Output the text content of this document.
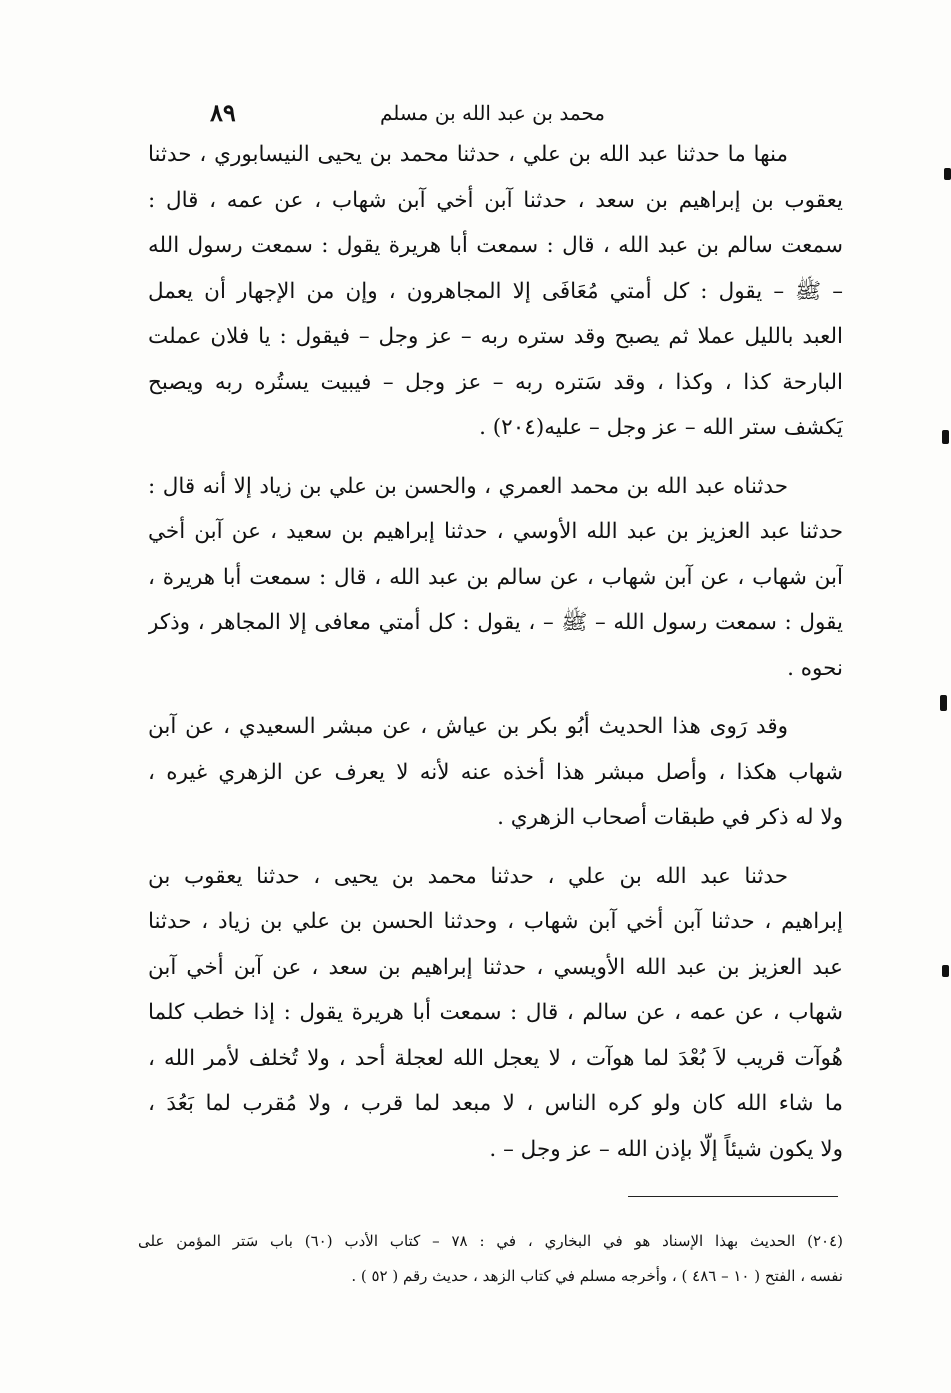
محمد بن عبد الله بن مسلم
٨٩

منها ما حدثنا عبد الله بن علي ، حدثنا محمد بن يحيى النيسابوري ، حدثنا
يعقوب بن إبراهيم بن سعد ، حدثنا آبن أخي آبن شهاب ، عن عمه ، قال :
سمعت سالم بن عبد الله ، قال : سمعت أبا هريرة يقول : سمعت رسول الله
– ﷺ – يقول : كل أمتي مُعَافَى إلا المجاهرون ، وإن من الإجهار أن يعمل
العبد بالليل عملا ثم يصبح وقد ستره ربه – عز وجل – فيقول : يا فلان عملت
البارحة كذا ، وكذا ، وقد سَتره ربه – عز وجل – فيبيت يستُره ربه ويصبح
يَكشف ستر الله – عز وجل – عليه(٢٠٤) .

حدثناه عبد الله بن محمد العمري ، والحسن بن علي بن زياد إلا أنه قال :
حدثنا عبد العزيز بن عبد الله الأوسي ، حدثنا إبراهيم بن سعيد ، عن آبن أخي
آبن شهاب ، عن آبن شهاب ، عن سالم بن عبد الله ، قال : سمعت أبا هريرة ،
يقول : سمعت رسول الله – ﷺ – ، يقول : كل أمتي معافى إلا المجاهر ، وذكر
نحوه .

وقد رَوى هذا الحديث أبُو بكر بن عياش ، عن مبشر السعيدي ، عن آبن
شهاب هكذا ، وأصل مبشر هذا أخذه عنه لأنه لا يعرف عن الزهري غيره ،
ولا له ذكر في طبقات أصحاب الزهري .

حدثنا عبد الله بن علي ، حدثنا محمد بن يحيى ، حدثنا يعقوب بن
إبراهيم ، حدثنا آبن أخي آبن شهاب ، وحدثنا الحسن بن علي بن زياد ، حدثنا
عبد العزيز بن عبد الله الأويسي ، حدثنا إبراهيم بن سعد ، عن آبن أخي آبن
شهاب ، عن عمه ، عن سالم ، قال : سمعت أبا هريرة يقول : إذا خطب كلما
هُوآت قريب لاَ بُعْدَ لما هوآت ، لا يعجل الله لعجلة أحد ، ولا تُخلف لأمر الله ،
ما شاء الله كان ولو كره الناس ، لا مبعد لما قرب ، ولا مُقرب لما بَعُدَ ،
ولا يكون شيئاً إلّا بإذن الله – عز وجل – .

(٢٠٤) الحديث بهذا الإسناد هو في البخاري ، في : ٧٨ – كتاب الأدب (٦٠) باب سَتر المؤمن على
نفسه ، الفتح ( ١٠ – ٤٨٦ ) ، وأخرجه مسلم في كتاب الزهد ، حديث رقم ( ٥٢ ) .
